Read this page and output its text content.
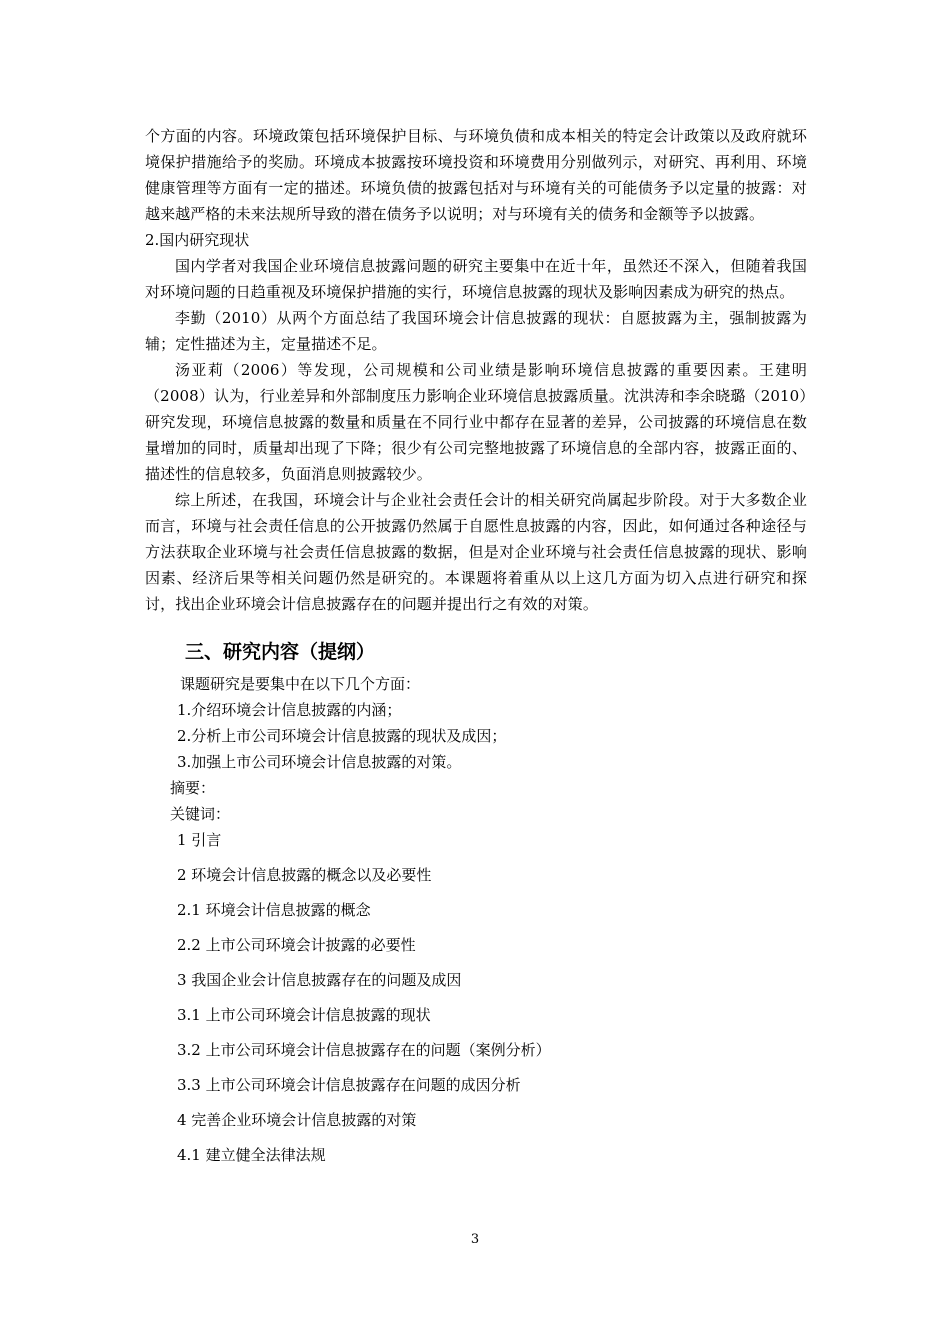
个方面的内容。环境政策包括环境保护目标、与环境负债和成本相关的特定会计政策以及政府就环境保护措施给予的奖励。环境成本披露按环境投资和环境费用分别做列示，对研究、再利用、环境健康管理等方面有一定的描述。环境负债的披露包括对与环境有关的可能债务予以定量的披露：对越来越严格的未来法规所导致的潜在债务予以说明；对与环境有关的债务和金额等予以披露。

2.国内研究现状

国内学者对我国企业环境信息披露问题的研究主要集中在近十年，虽然还不深入，但随着我国对环境问题的日趋重视及环境保护措施的实行，环境信息披露的现状及影响因素成为研究的热点。

李勤（2010）从两个方面总结了我国环境会计信息披露的现状：自愿披露为主，强制披露为辅；定性描述为主，定量描述不足。

汤亚莉（2006）等发现，公司规模和公司业绩是影响环境信息披露的重要因素。王建明（2008）认为，行业差异和外部制度压力影响企业环境信息披露质量。沈洪涛和李余晓璐（2010）研究发现，环境信息披露的数量和质量在不同行业中都存在显著的差异，公司披露的环境信息在数量增加的同时，质量却出现了下降；很少有公司完整地披露了环境信息的全部内容，披露正面的、描述性的信息较多，负面消息则披露较少。

综上所述，在我国，环境会计与企业社会责任会计的相关研究尚属起步阶段。对于大多数企业而言，环境与社会责任信息的公开披露仍然属于自愿性息披露的内容，因此，如何通过各种途径与方法获取企业环境与社会责任信息披露的数据，但是对企业环境与社会责任信息披露的现状、影响因素、经济后果等相关问题仍然是研究的。本课题将着重从以上这几方面为切入点进行研究和探讨，找出企业环境会计信息披露存在的问题并提出行之有效的对策。

三、研究内容（提纲）

课题研究是要集中在以下几个方面：

1.介绍环境会计信息披露的内涵；

2.分析上市公司环境会计信息披露的现状及成因；

3.加强上市公司环境会计信息披露的对策。

摘要：

关键词：

1 引言
2 环境会计信息披露的概念以及必要性
2.1 环境会计信息披露的概念
2.2 上市公司环境会计披露的必要性
3 我国企业会计信息披露存在的问题及成因
3.1 上市公司环境会计信息披露的现状
3.2 上市公司环境会计信息披露存在的问题（案例分析）
3.3 上市公司环境会计信息披露存在问题的成因分析
4 完善企业环境会计信息披露的对策
4.1 建立健全法律法规
3
